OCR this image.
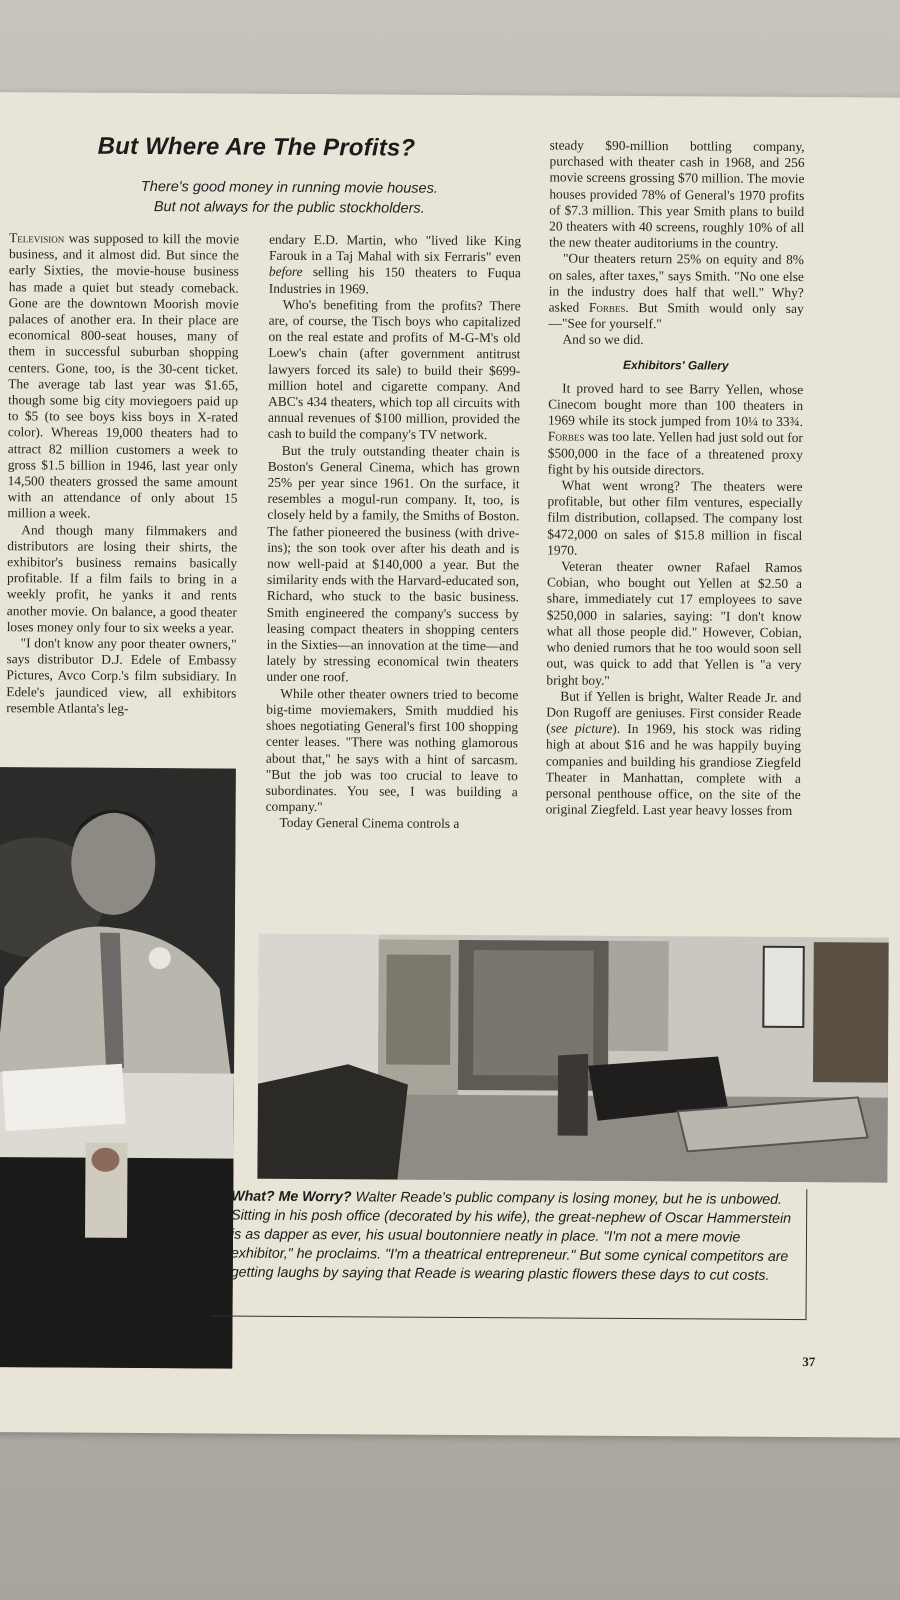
But Where Are The Profits?
There's good money in running movie houses.
But not always for the public stockholders.

Television was supposed to kill the movie business, and it almost did. But since the early Sixties, the movie-house business has made a quiet but steady comeback. Gone are the downtown Moorish movie palaces of another era. In their place are economical 800-seat houses, many of them in successful suburban shopping centers. Gone, too, is the 30-cent ticket. The average tab last year was $1.65, though some big city moviegoers paid up to $5 (to see boys kiss boys in X-rated color). Whereas 19,000 theaters had to attract 82 million customers a week to gross $1.5 billion in 1946, last year only 14,500 theaters grossed the same amount with an attendance of only about 15 million a week.

And though many filmmakers and distributors are losing their shirts, the exhibitor's business remains basically profitable. If a film fails to bring in a weekly profit, he yanks it and rents another movie. On balance, a good theater loses money only four to six weeks a year.

"I don't know any poor theater owners," says distributor D.J. Edele of Embassy Pictures, Avco Corp.'s film subsidiary. In Edele's jaundiced view, all exhibitors resemble Atlanta's leg-

endary E.D. Martin, who "lived like King Farouk in a Taj Mahal with six Ferraris" even before selling his 150 theaters to Fuqua Industries in 1969.

Who's benefiting from the profits? There are, of course, the Tisch boys who capitalized on the real estate and profits of M-G-M's old Loew's chain (after government antitrust lawyers forced its sale) to build their $699-million hotel and cigarette company. And ABC's 434 theaters, which top all circuits with annual revenues of $100 million, provided the cash to build the company's TV network.

But the truly outstanding theater chain is Boston's General Cinema, which has grown 25% per year since 1961. On the surface, it resembles a mogul-run company. It, too, is closely held by a family, the Smiths of Boston. The father pioneered the business (with drive-ins); the son took over after his death and is now well-paid at $140,000 a year. But the similarity ends with the Harvard-educated son, Richard, who stuck to the basic business. Smith engineered the company's success by leasing compact theaters in shopping centers in the Sixties—an innovation at the time—and lately by stressing economical twin theaters under one roof.

While other theater owners tried to become big-time moviemakers, Smith muddied his shoes negotiating General's first 100 shopping center leases. "There was nothing glamorous about that," he says with a hint of sarcasm. "But the job was too crucial to leave to subordinates. You see, I was building a company."

Today General Cinema controls a

steady $90-million bottling company, purchased with theater cash in 1968, and 256 movie screens grossing $70 million. The movie houses provided 78% of General's 1970 profits of $7.3 million. This year Smith plans to build 20 theaters with 40 screens, roughly 10% of all the new theater auditoriums in the country.

"Our theaters return 25% on equity and 8% on sales, after taxes," says Smith. "No one else in the industry does half that well." Why? asked Forbes. But Smith would only say—"See for yourself."

And so we did.

Exhibitors' Gallery

It proved hard to see Barry Yellen, whose Cinecom bought more than 100 theaters in 1969 while its stock jumped from 10¼ to 33¾. Forbes was too late. Yellen had just sold out for $500,000 in the face of a threatened proxy fight by his outside directors.

What went wrong? The theaters were profitable, but other film ventures, especially film distribution, collapsed. The company lost $472,000 on sales of $15.8 million in fiscal 1970.

Veteran theater owner Rafael Ramos Cobian, who bought out Yellen at $2.50 a share, immediately cut 17 employees to save $250,000 in salaries, saying: "I don't know what all those people did." However, Cobian, who denied rumors that he too would soon sell out, was quick to add that Yellen is "a very bright boy."

But if Yellen is bright, Walter Reade Jr. and Don Rugoff are geniuses. First consider Reade (see picture). In 1969, his stock was riding high at about $16 and he was happily buying companies and building his grandiose Ziegfeld Theater in Manhattan, complete with a personal penthouse office, on the site of the original Ziegfeld. Last year heavy losses from

What? Me Worry? Walter Reade's public company is losing money, but he is unbowed. Sitting in his posh office (decorated by his wife), the great-nephew of Oscar Hammerstein is as dapper as ever, his usual boutonniere neatly in place. "I'm not a mere movie exhibitor," he proclaims. "I'm a theatrical entrepreneur." But some cynical competitors are getting laughs by saying that Reade is wearing plastic flowers these days to cut costs.
37
